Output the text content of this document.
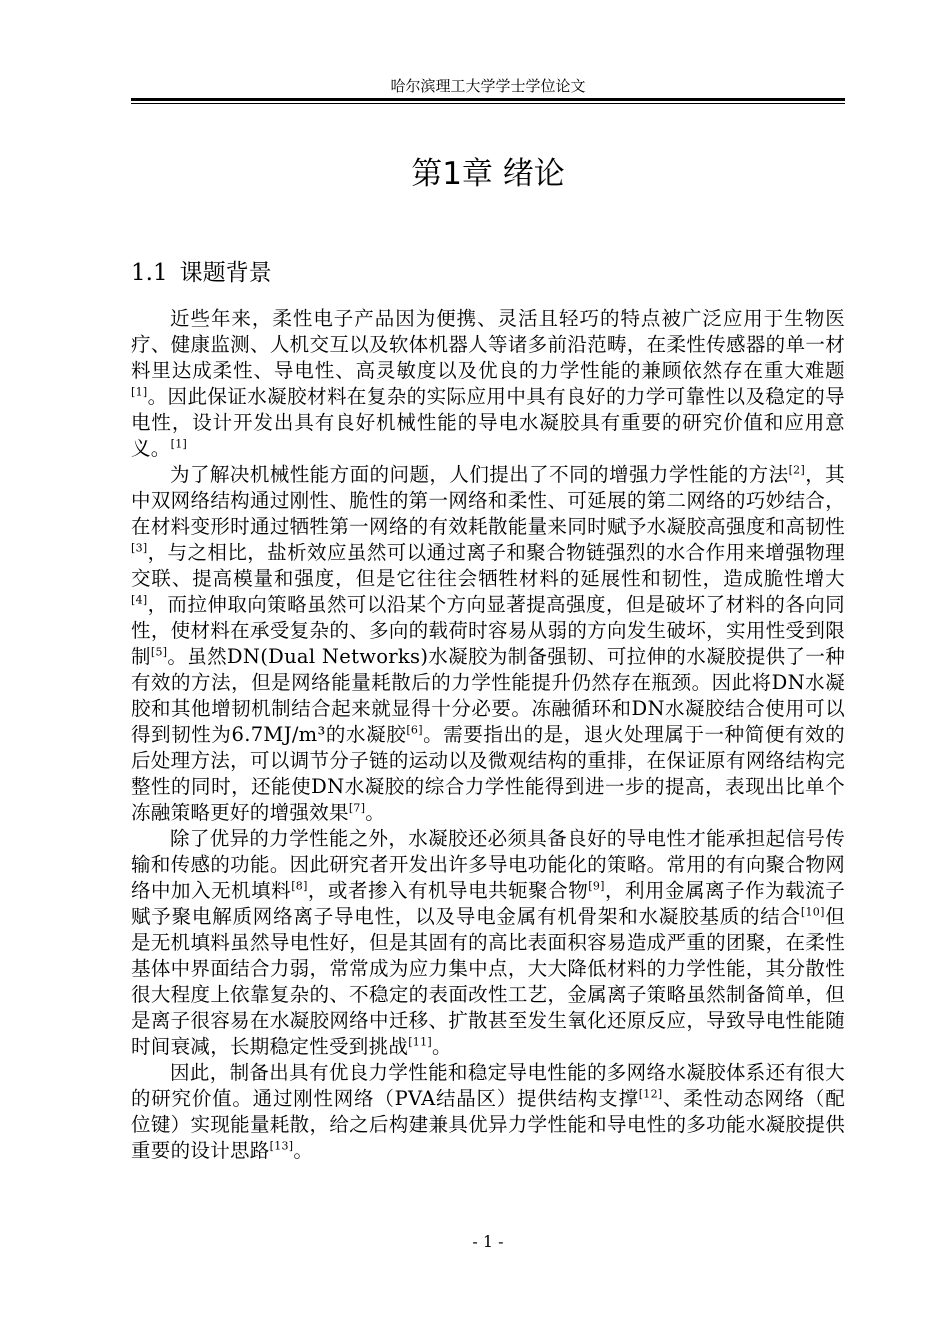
哈尔滨理工大学学士学位论文
第1章 绪论
1.1 课题背景

近些年来，柔性电子产品因为便携、灵活且轻巧的特点被广泛应用于生物医疗、健康监测、人机交互以及软体机器人等诸多前沿范畴，在柔性传感器的单一材料里达成柔性、导电性、高灵敏度以及优良的力学性能的兼顾依然存在重大难题[1]。因此保证水凝胶材料在复杂的实际应用中具有良好的力学可靠性以及稳定的导电性，设计开发出具有良好机械性能的导电水凝胶具有重要的研究价值和应用意义。[1]

为了解决机械性能方面的问题，人们提出了不同的增强力学性能的方法[2]，其中双网络结构通过刚性、脆性的第一网络和柔性、可延展的第二网络的巧妙结合，在材料变形时通过牺牲第一网络的有效耗散能量来同时赋予水凝胶高强度和高韧性[3]，与之相比，盐析效应虽然可以通过离子和聚合物链强烈的水合作用来增强物理交联、提高模量和强度，但是它往往会牺牲材料的延展性和韧性，造成脆性增大[4]，而拉伸取向策略虽然可以沿某个方向显著提高强度，但是破坏了材料的各向同性，使材料在承受复杂的、多向的载荷时容易从弱的方向发生破坏，实用性受到限制[5]。虽然DN(Dual Networks)水凝胶为制备强韧、可拉伸的水凝胶提供了一种有效的方法，但是网络能量耗散后的力学性能提升仍然存在瓶颈。因此将DN水凝胶和其他增韧机制结合起来就显得十分必要。冻融循环和DN水凝胶结合使用可以得到韧性为6.7MJ/m³的水凝胶[6]。需要指出的是，退火处理属于一种简便有效的后处理方法，可以调节分子链的运动以及微观结构的重排，在保证原有网络结构完整性的同时，还能使DN水凝胶的综合力学性能得到进一步的提高，表现出比单个冻融策略更好的增强效果[7]。

除了优异的力学性能之外，水凝胶还必须具备良好的导电性才能承担起信号传输和传感的功能。因此研究者开发出许多导电功能化的策略。常用的有向聚合物网络中加入无机填料[8]，或者掺入有机导电共轭聚合物[9]，利用金属离子作为载流子赋予聚电解质网络离子导电性，以及导电金属有机骨架和水凝胶基质的结合[10]但是无机填料虽然导电性好，但是其固有的高比表面积容易造成严重的团聚，在柔性基体中界面结合力弱，常常成为应力集中点，大大降低材料的力学性能，其分散性很大程度上依靠复杂的、不稳定的表面改性工艺，金属离子策略虽然制备简单，但是离子很容易在水凝胶网络中迁移、扩散甚至发生氧化还原反应，导致导电性能随时间衰减，长期稳定性受到挑战[11]。

因此，制备出具有优良力学性能和稳定导电性能的多网络水凝胶体系还有很大的研究价值。通过刚性网络（PVA结晶区）提供结构支撑[12]、柔性动态网络（配位键）实现能量耗散，给之后构建兼具优异力学性能和导电性的多功能水凝胶提供重要的设计思路[13]。

- 1 -
